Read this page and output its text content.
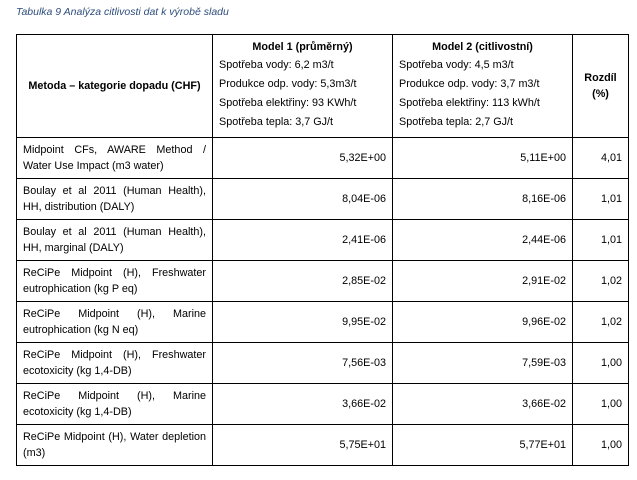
Tabulka 9 Analýza citlivosti dat k výrobě sladu
Metoda – kategorie dopadu (CHF)	Model 1 (průměrný)
Spotřeba vody: 6,2 m3/t
Produkce odp. vody: 5,3m3/t
Spotřeba elektřiny: 93 KWh/t
Spotřeba tepla: 3,7 GJ/t	Model 2 (citlivostní)
Spotřeba vody: 4,5 m3/t
Produkce odp. vody: 3,7 m3/t
Spotřeba elektřiny: 113 kWh/t
Spotřeba tepla: 2,7 GJ/t	Rozdíl (%)
Midpoint CFs, AWARE Method / Water Use Impact (m3 water)	5,32E+00	5,11E+00	4,01
Boulay et al 2011 (Human Health), HH, distribution (DALY)	8,04E-06	8,16E-06	1,01
Boulay et al 2011 (Human Health), HH, marginal (DALY)	2,41E-06	2,44E-06	1,01
ReCiPe Midpoint (H), Freshwater eutrophication (kg P eq)	2,85E-02	2,91E-02	1,02
ReCiPe Midpoint (H), Marine eutrophication (kg N eq)	9,95E-02	9,96E-02	1,02
ReCiPe Midpoint (H), Freshwater ecotoxicity (kg 1,4-DB)	7,56E-03	7,59E-03	1,00
ReCiPe Midpoint (H), Marine ecotoxicity (kg 1,4-DB)	3,66E-02	3,66E-02	1,00
ReCiPe Midpoint (H), Water depletion (m3)	5,75E+01	5,77E+01	1,00
